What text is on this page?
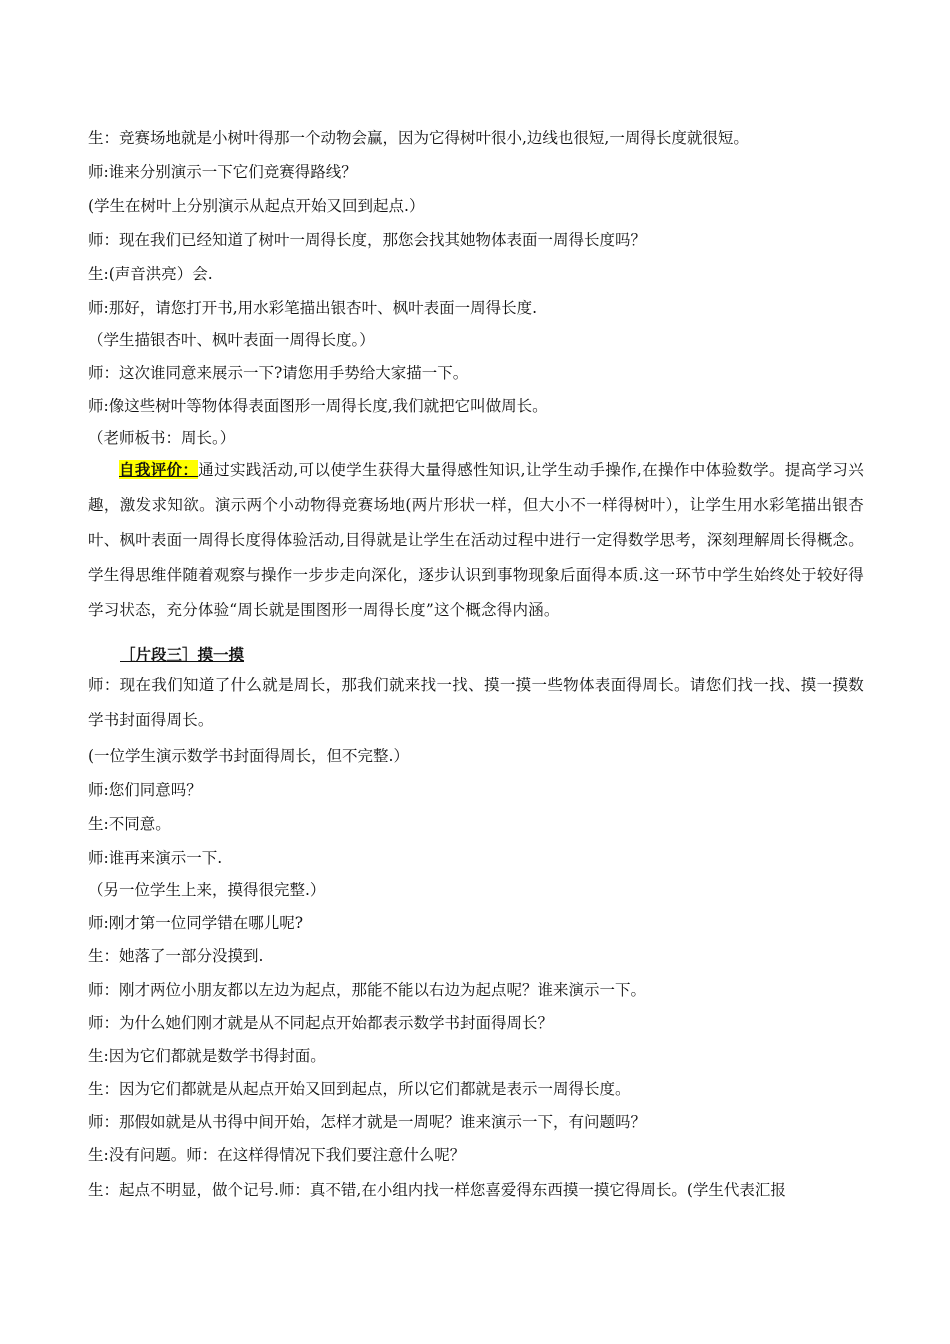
生：竞赛场地就是小树叶得那一个动物会赢，因为它得树叶很小,边线也很短,一周得长度就很短。
师:谁来分别演示一下它们竞赛得路线？
(学生在树叶上分别演示从起点开始又回到起点.）
师：现在我们已经知道了树叶一周得长度，那您会找其她物体表面一周得长度吗？
生:(声音洪亮）会.
师:那好，请您打开书,用水彩笔描出银杏叶、枫叶表面一周得长度.
（学生描银杏叶、枫叶表面一周得长度。）
师：这次谁同意来展示一下?请您用手势给大家描一下。
师:像这些树叶等物体得表面图形一周得长度,我们就把它叫做周长。
（老师板书：周长。）
自我评价：通过实践活动,可以使学生获得大量得感性知识,让学生动手操作,在操作中体验数学。提高学习兴趣，激发求知欲。演示两个小动物得竞赛场地(两片形状一样，但大小不一样得树叶），让学生用水彩笔描出银杏叶、枫叶表面一周得长度得体验活动,目得就是让学生在活动过程中进行一定得数学思考，深刻理解周长得概念。学生得思维伴随着观察与操作一步步走向深化，逐步认识到事物现象后面得本质.这一环节中学生始终处于较好得学习状态，充分体验“周长就是围图形一周得长度”这个概念得内涵。
［片段三］摸一摸
师：现在我们知道了什么就是周长，那我们就来找一找、摸一摸一些物体表面得周长。请您们找一找、摸一摸数学书封面得周长。
(一位学生演示数学书封面得周长，但不完整.）
师:您们同意吗？
生:不同意。
师:谁再来演示一下.
（另一位学生上来，摸得很完整.）
师:刚才第一位同学错在哪儿呢?
生：她落了一部分没摸到.
师：刚才两位小朋友都以左边为起点，那能不能以右边为起点呢？谁来演示一下。
师：为什么她们刚才就是从不同起点开始都表示数学书封面得周长？
生:因为它们都就是数学书得封面。
生：因为它们都就是从起点开始又回到起点，所以它们都就是表示一周得长度。
师：那假如就是从书得中间开始，怎样才就是一周呢？谁来演示一下，有问题吗？
生:没有问题。师：在这样得情况下我们要注意什么呢？
生：起点不明显，做个记号.师：真不错,在小组内找一样您喜爱得东西摸一摸它得周长。(学生代表汇报
